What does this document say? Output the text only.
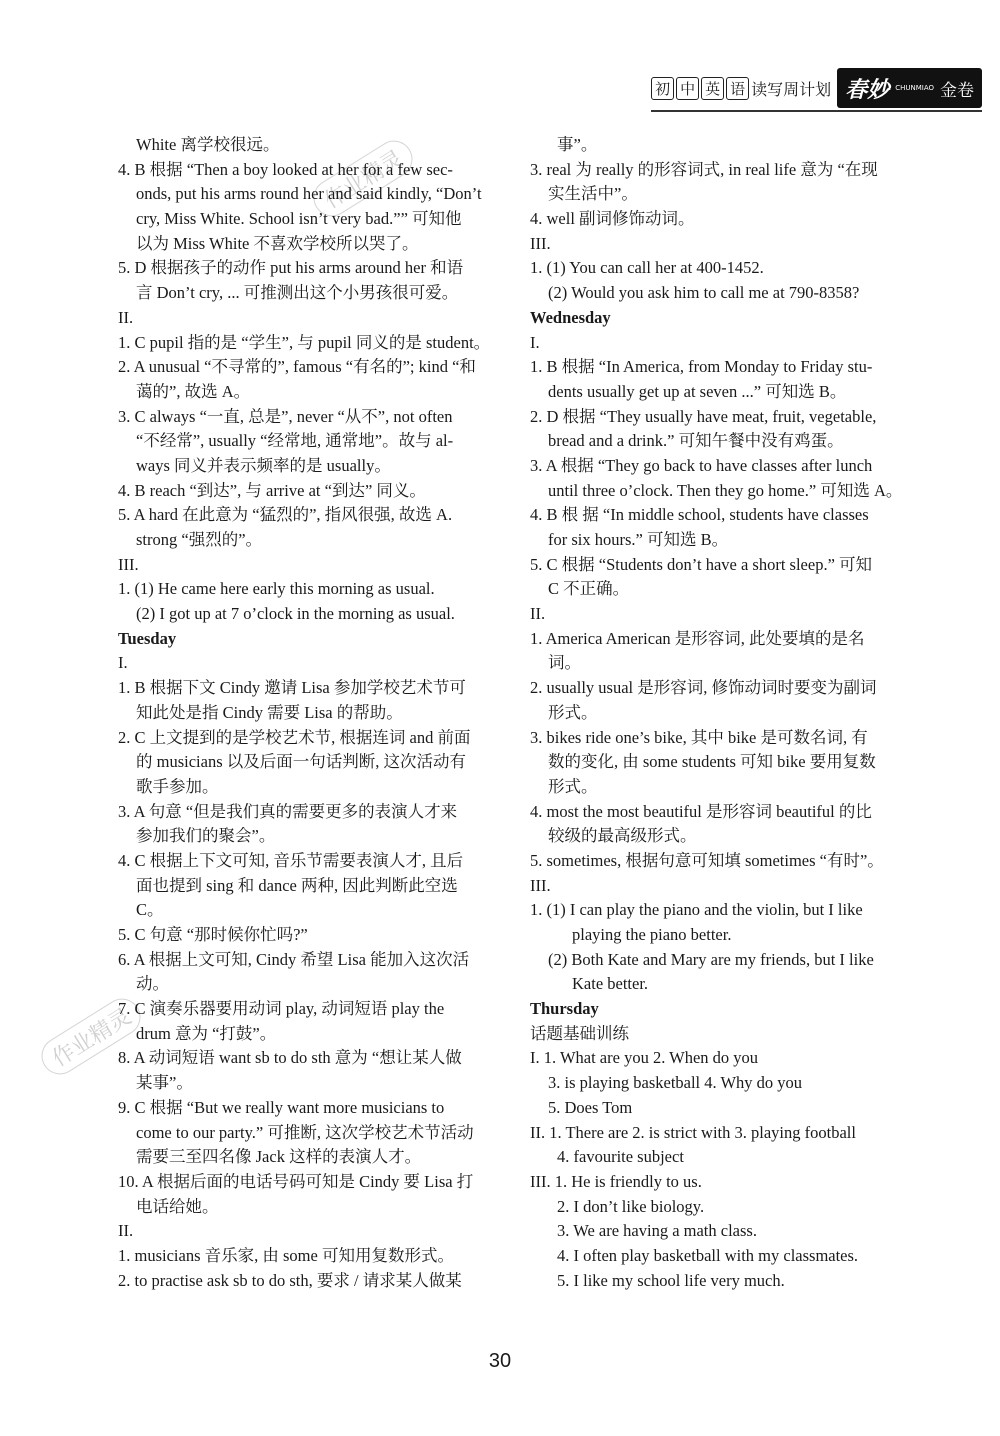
初 中 英 语 读写周计划 春妙 CHUNMIAO 金卷
作业精灵
作业精灵
White 离学校很远。
4. B 根据 “Then a boy looked at her for a few sec-
onds, put his arms round her and said kindly, “Don’t
cry, Miss White. School isn’t very bad.”” 可知他
以为 Miss White 不喜欢学校所以哭了。
5. D 根据孩子的动作 put his arms around her 和语
言 Don’t cry, ... 可推测出这个小男孩很可爱。
II.
1. C pupil 指的是 “学生”, 与 pupil 同义的是 student。
2. A unusual “不寻常的”, famous “有名的”; kind “和
蔼的”, 故选 A。
3. C always “一直, 总是”, never “从不”, not often
“不经常”, usually “经常地, 通常地”。故与 al-
ways 同义并表示频率的是 usually。
4. B reach “到达”, 与 arrive at “到达” 同义。
5. A hard 在此意为 “猛烈的”, 指风很强, 故选 A.
strong “强烈的”。
III.
1. (1) He came here early this morning as usual.
(2) I got up at 7 o’clock in the morning as usual.
Tuesday
I.
1. B 根据下文 Cindy 邀请 Lisa 参加学校艺术节可
知此处是指 Cindy 需要 Lisa 的帮助。
2. C 上文提到的是学校艺术节, 根据连词 and 前面
的 musicians 以及后面一句话判断, 这次活动有
歌手参加。
3. A 句意 “但是我们真的需要更多的表演人才来
参加我们的聚会”。
4. C 根据上下文可知, 音乐节需要表演人才, 且后
面也提到 sing 和 dance 两种, 因此判断此空选
C。
5. C 句意 “那时候你忙吗?”
6. A 根据上文可知, Cindy 希望 Lisa 能加入这次活
动。
7. C 演奏乐器要用动词 play, 动词短语 play the
drum 意为 “打鼓”。
8. A 动词短语 want sb to do sth 意为 “想让某人做
某事”。
9. C 根据 “But we really want more musicians to
come to our party.” 可推断, 这次学校艺术节活动
需要三至四名像 Jack 这样的表演人才。
10. A 根据后面的电话号码可知是 Cindy 要 Lisa 打
电话给她。
II.
1. musicians 音乐家, 由 some 可知用复数形式。
2. to practise ask sb to do sth, 要求 / 请求某人做某
事”。
3. real 为 really 的形容词式, in real life 意为 “在现
实生活中”。
4. well 副词修饰动词。
III.
1. (1) You can call her at 400-1452.
(2) Would you ask him to call me at 790-8358?
Wednesday
I.
1. B 根据 “In America, from Monday to Friday stu-
dents usually get up at seven ...” 可知选 B。
2. D 根据 “They usually have meat, fruit, vegetable,
bread and a drink.” 可知午餐中没有鸡蛋。
3. A 根据 “They go back to have classes after lunch
until three o’clock. Then they go home.” 可知选 A。
4. B 根 据 “In middle school, students have classes
for six hours.” 可知选 B。
5. C 根据 “Students don’t have a short sleep.” 可知
C 不正确。
II.
1. America American 是形容词, 此处要填的是名
词。
2. usually usual 是形容词, 修饰动词时要变为副词
形式。
3. bikes ride one’s bike, 其中 bike 是可数名词, 有
数的变化, 由 some students 可知 bike 要用复数
形式。
4. most the most beautiful 是形容词 beautiful 的比
较级的最高级形式。
5. sometimes, 根据句意可知填 sometimes “有时”。
III.
1. (1) I can play the piano and the violin, but I like
playing the piano better.
(2) Both Kate and Mary are my friends, but I like
Kate better.
Thursday
话题基础训练
I. 1. What are you 2. When do you
3. is playing basketball 4. Why do you
5. Does Tom
II. 1. There are 2. is strict with 3. playing football
4. favourite subject
III. 1. He is friendly to us.
2. I don’t like biology.
3. We are having a math class.
4. I often play basketball with my classmates.
5. I like my school life very much.
30
